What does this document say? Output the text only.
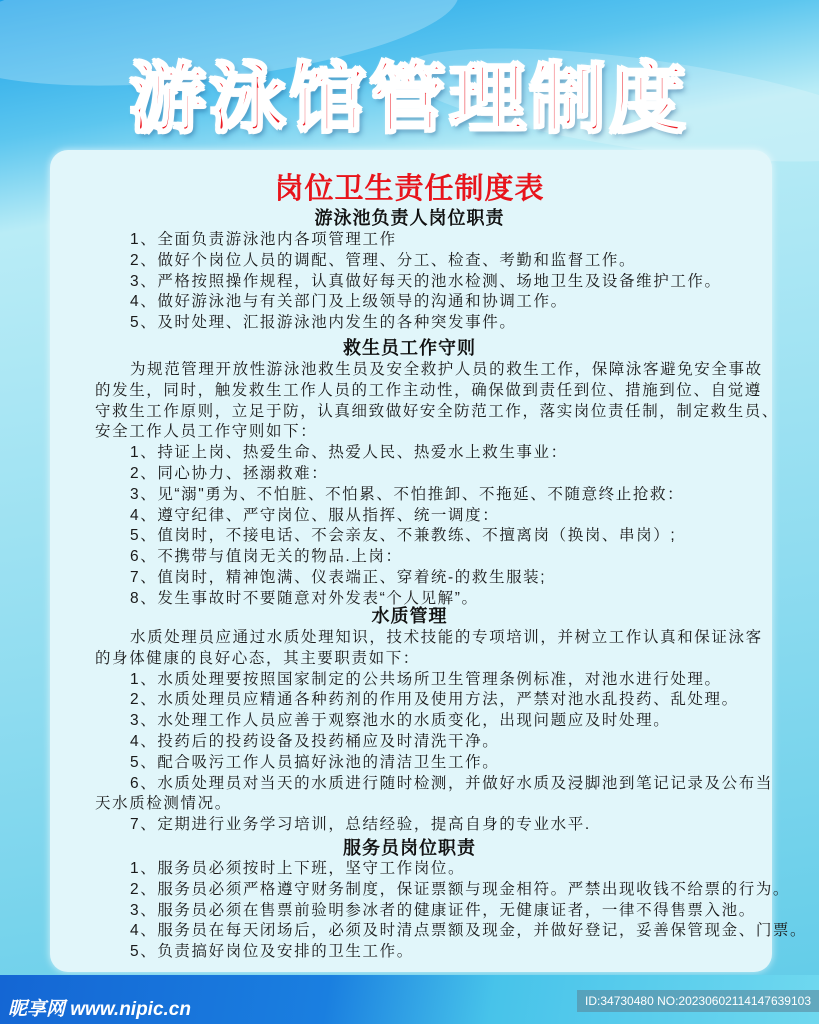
游泳馆管理制度
岗位卫生责任制度表
游泳池负责人岗位职责
1、全面负责游泳池内各项管理工作
2、做好个岗位人员的调配、管理、分工、检查、考勤和监督工作。
3、严格按照操作规程，认真做好每天的池水检测、场地卫生及设备维护工作。
4、做好游泳池与有关部门及上级领导的沟通和协调工作。
5、及时处理、汇报游泳池内发生的各种突发事件。
救生员工作守则
为规范管理开放性游泳池救生员及安全救护人员的救生工作，保障泳客避免安全事故
的发生，同时，触发救生工作人员的工作主动性，确保做到责任到位、措施到位、自觉遵
守救生工作原则，立足于防，认真细致做好安全防范工作，落实岗位责任制，制定救生员、
安全工作人员工作守则如下：
1、持证上岗、热爱生命、热爱人民、热爱水上救生事业：
2、同心协力、拯溺救难：
3、见“溺"勇为、不怕脏、不怕累、不怕推卸、不拖延、不随意终止抢救：
4、遵守纪律、严守岗位、服从指挥、统一调度：
5、值岗时，不接电话、不会亲友、不兼教练、不擅离岗（换岗、串岗）;
6、不携带与值岗无关的物品.上岗：
7、值岗时，精神饱满、仪表端正、穿着统-的救生服装;
8、发生事故时不要随意对外发表“个人见解”。
水质管理
水质处理员应通过水质处理知识，技术技能的专项培训，并树立工作认真和保证泳客
的身体健康的良好心态，其主要职责如下：
1、水质处理要按照国家制定的公共场所卫生管理条例标准，对池水进行处理。
2、水质处理员应精通各种药剂的作用及使用方法，严禁对池水乱投药、乱处理。
3、水处理工作人员应善于观察池水的水质变化，出现问题应及时处理。
4、投药后的投药设备及投药桶应及时清洗干净。
5、配合吸污工作人员搞好泳池的清洁卫生工作。
6、水质处理员对当天的水质进行随时检测，并做好水质及浸脚池到笔记记录及公布当
天水质检测情况。
7、定期进行业务学习培训，总结经验，提高自身的专业水平.
服务员岗位职责
1、服务员必须按时上下班，坚守工作岗位。
2、服务员必须严格遵守财务制度，保证票额与现金相符。严禁出现收钱不给票的行为。
3、服务员必须在售票前验明参冰者的健康证件，无健康证者，一律不得售票入池。
4、服务员在每天闭场后，必须及时清点票额及现金，并做好登记，妥善保管现金、门票。
5、负责搞好岗位及安排的卫生工作。
昵享网 www.nipic.cn	ID:34730480 NO:20230602114147639103
